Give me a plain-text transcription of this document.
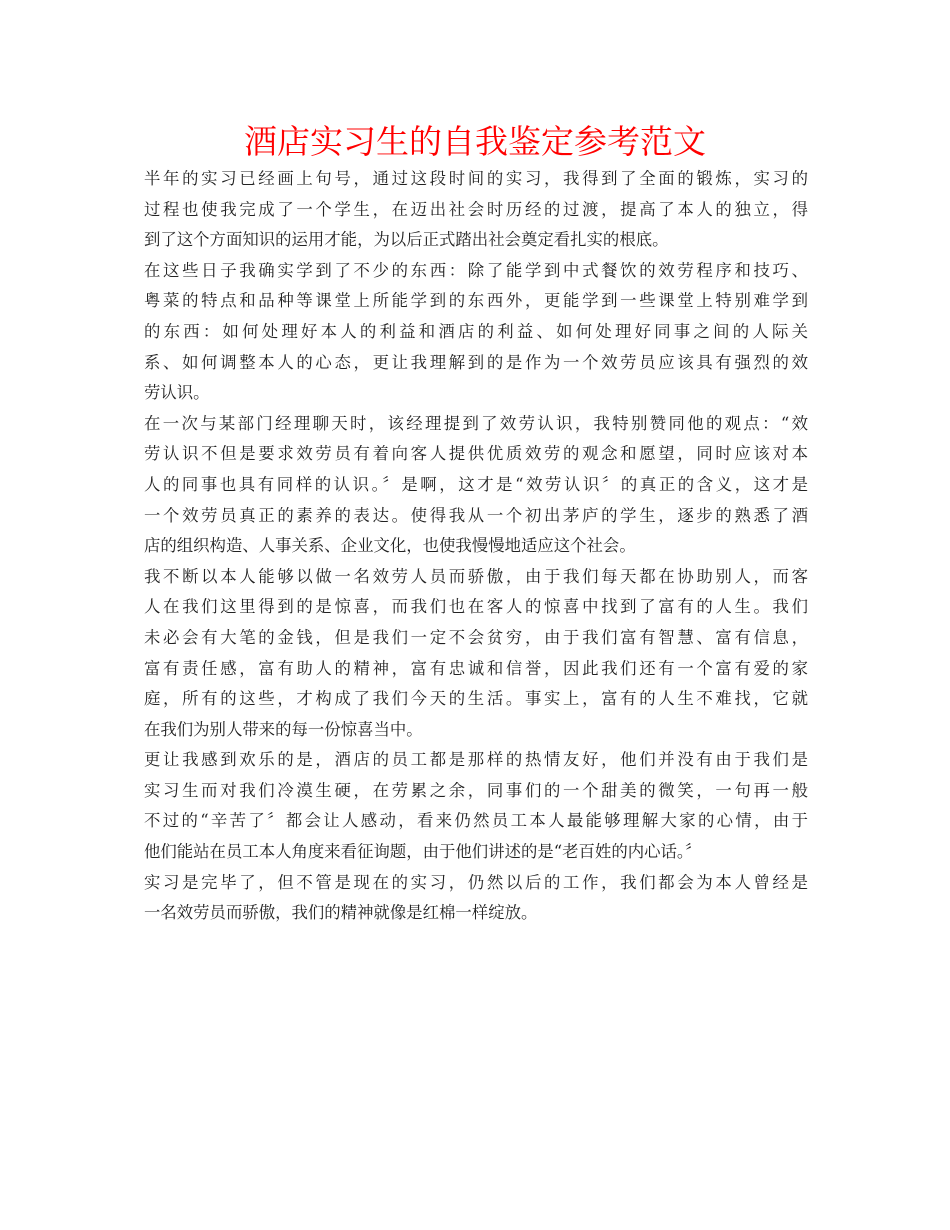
酒店实习生的自我鉴定参考范文
半年的实习已经画上句号，通过这段时间的实习，我得到了全面的锻炼，实习的
过程也使我完成了一个学生，在迈出社会时历经的过渡，提高了本人的独立，得
到了这个方面知识的运用才能，为以后正式踏出社会奠定看扎实的根底。
在这些日子我确实学到了不少的东西：除了能学到中式餐饮的效劳程序和技巧、
粤菜的特点和品种等课堂上所能学到的东西外，更能学到一些课堂上特别难学到
的东西：如何处理好本人的利益和酒店的利益、如何处理好同事之间的人际关
系、如何调整本人的心态，更让我理解到的是作为一个效劳员应该具有强烈的效
劳认识。
在一次与某部门经理聊天时，该经理提到了效劳认识，我特别赞同他的观点：“效
劳认识不但是要求效劳员有着向客人提供优质效劳的观念和愿望，同时应该对本
人的同事也具有同样的认识。〞是啊，这才是“效劳认识〞的真正的含义，这才是
一个效劳员真正的素养的表达。使得我从一个初出茅庐的学生，逐步的熟悉了酒
店的组织构造、人事关系、企业文化，也使我慢慢地适应这个社会。
我不断以本人能够以做一名效劳人员而骄傲，由于我们每天都在协助别人，而客
人在我们这里得到的是惊喜，而我们也在客人的惊喜中找到了富有的人生。我们
未必会有大笔的金钱，但是我们一定不会贫穷，由于我们富有智慧、富有信息，
富有责任感，富有助人的精神，富有忠诚和信誉，因此我们还有一个富有爱的家
庭，所有的这些，才构成了我们今天的生活。事实上，富有的人生不难找，它就
在我们为别人带来的每一份惊喜当中。
更让我感到欢乐的是，酒店的员工都是那样的热情友好，他们并没有由于我们是
实习生而对我们冷漠生硬，在劳累之余，同事们的一个甜美的微笑，一句再一般
不过的“辛苦了〞都会让人感动，看来仍然员工本人最能够理解大家的心情，由于
他们能站在员工本人角度来看征询题，由于他们讲述的是“老百姓的内心话。〞
实习是完毕了，但不管是现在的实习，仍然以后的工作，我们都会为本人曾经是
一名效劳员而骄傲，我们的精神就像是红棉一样绽放。
